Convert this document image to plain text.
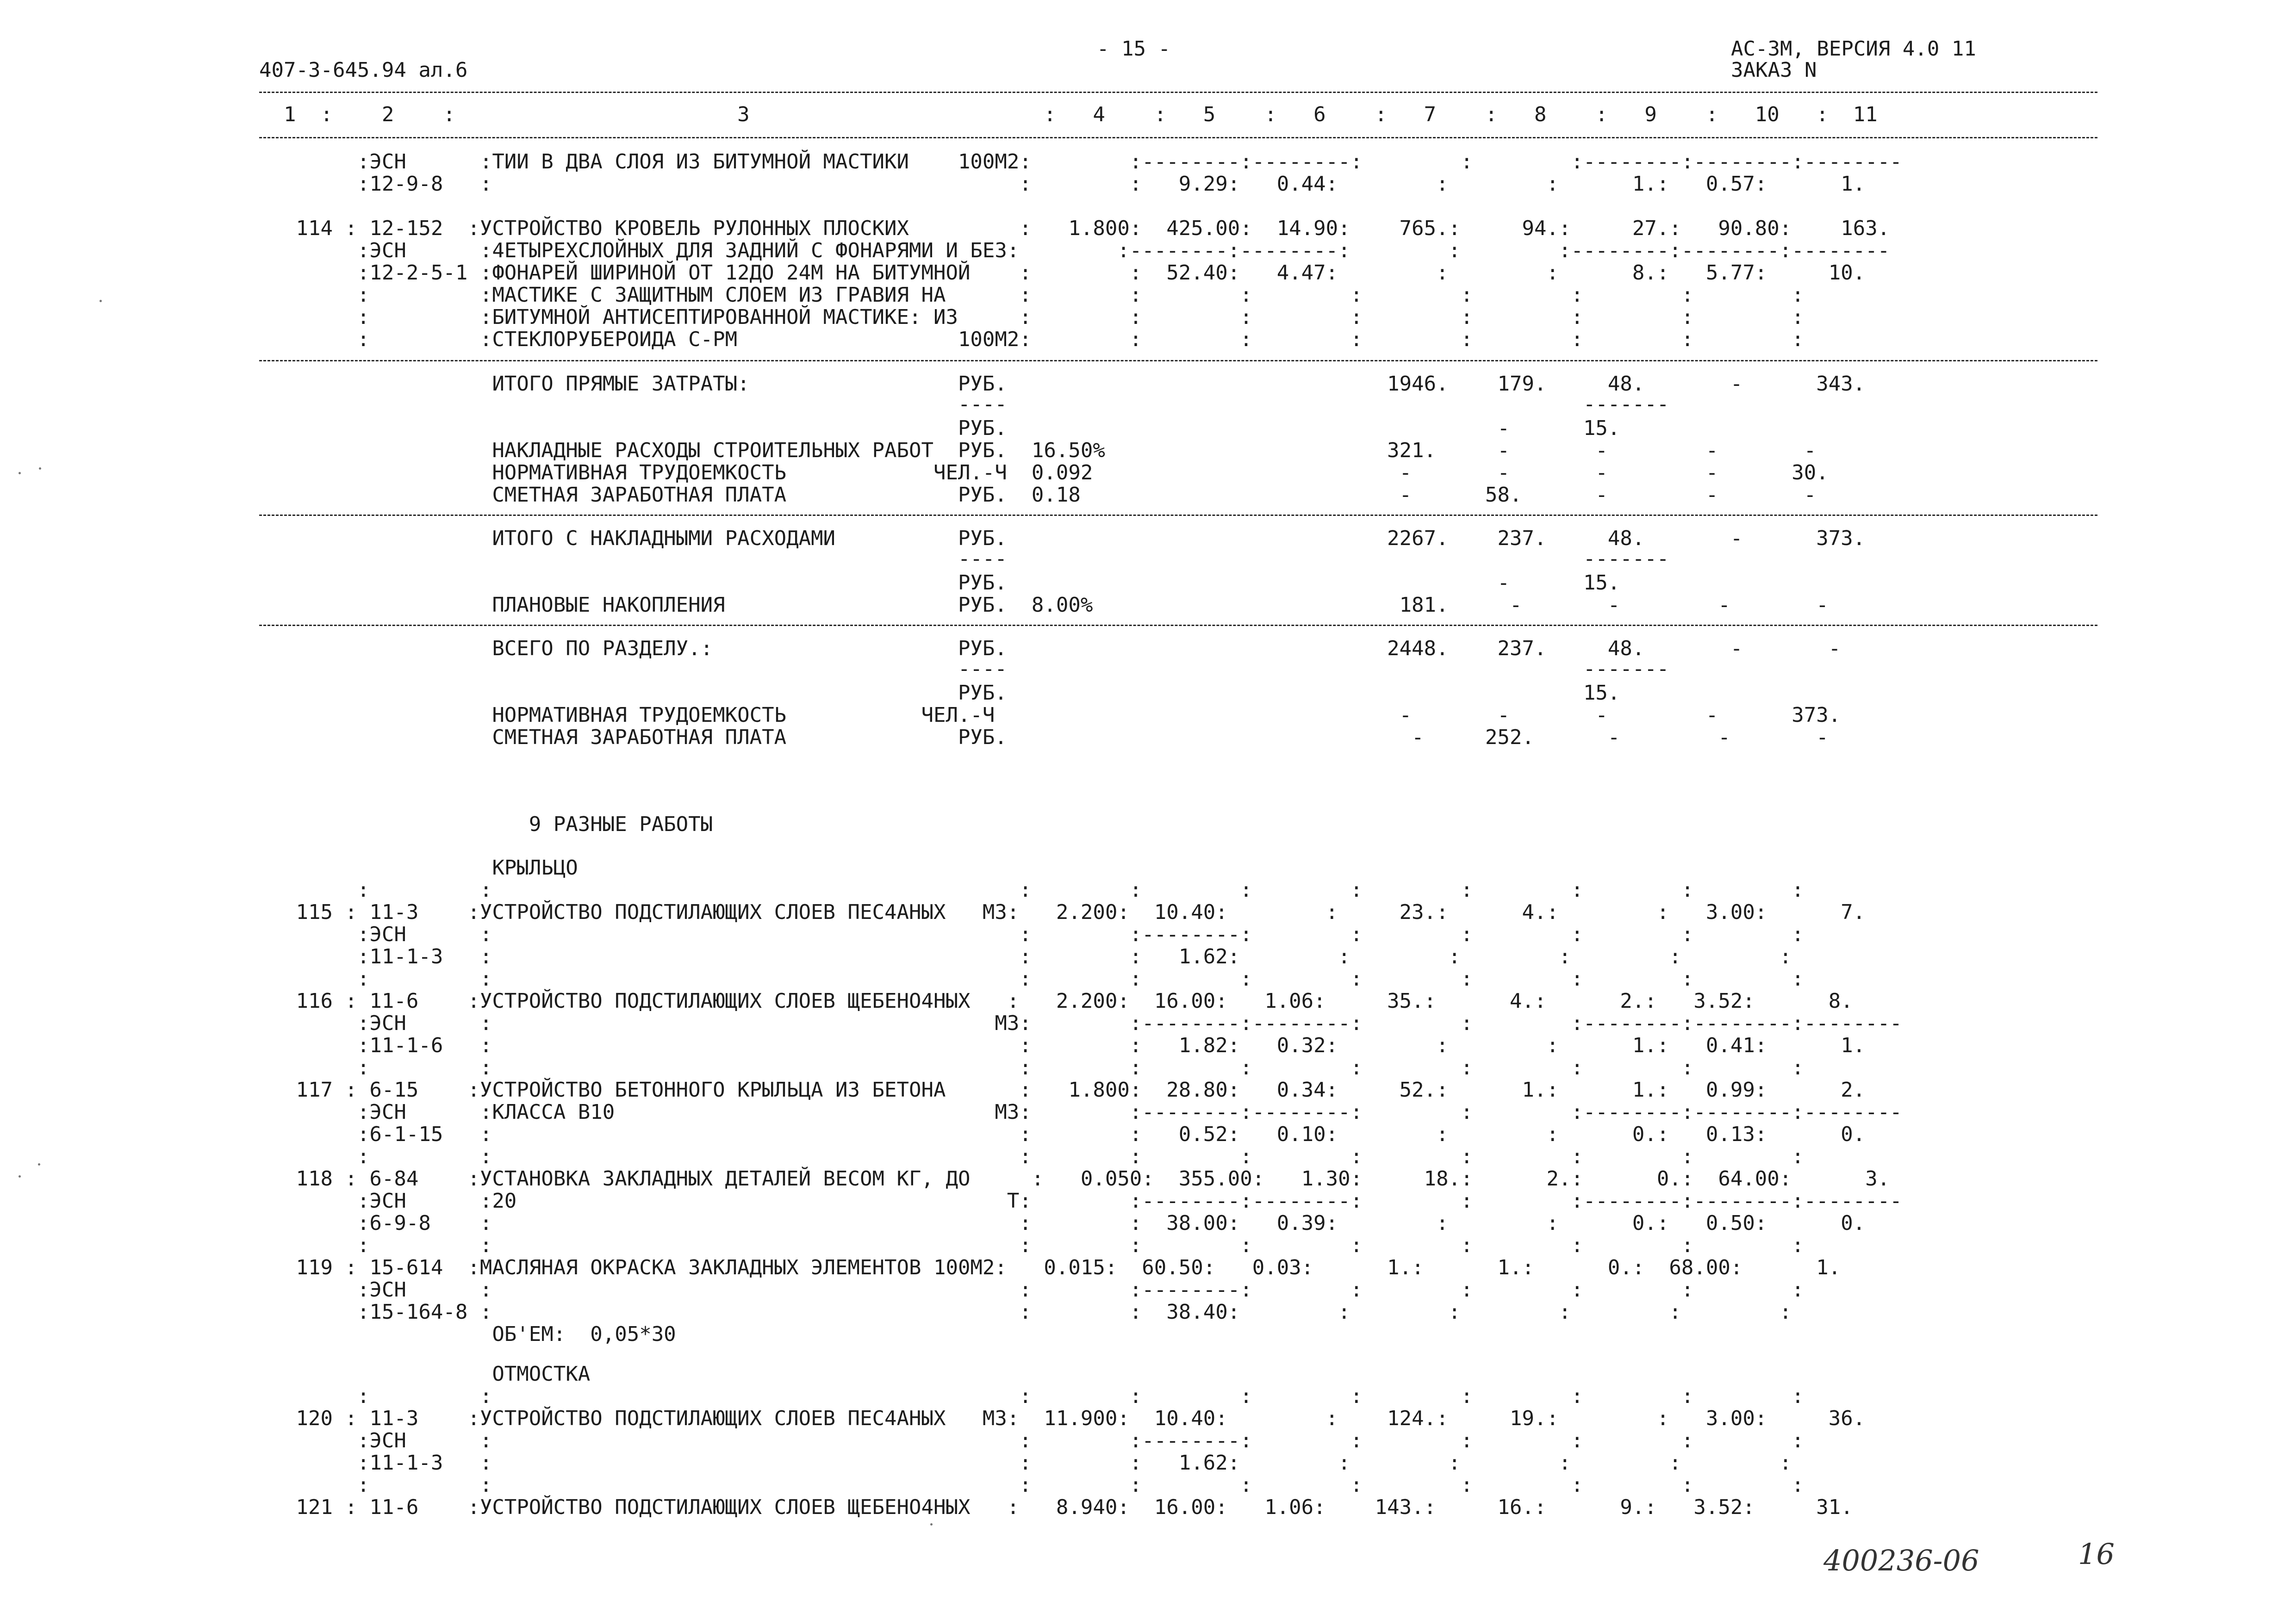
407-3-645.94 ал.6
- 15 -	АС-3М, ВЕРСИЯ 4.0 11
ЗАКАЗ N
1  :    2    :                       3                        :   4    :   5    :   6    :   7    :   8    :   9    :   10   :  11
:ЭСН      :ТИИ В ДВА СЛОЯ ИЗ БИТУМНОЙ МАСТИКИ    100М2:        :--------:--------:        :        :--------:--------:--------
:12-9-8   :                                           :        :   9.29:   0.44:        :        :      1.:   0.57:      1.
114 : 12-152  :УСТРОЙСТВО КРОВЕЛЬ РУЛОННЫХ ПЛОСКИХ         :   1.800:  425.00:  14.90:    765.:     94.:     27.:   90.80:    163.
:ЭСН      :4ЕТЫРЕХСЛОЙНЫХ ДЛЯ ЗАДНИЙ С ФОНАРЯМИ И БЕЗ:        :--------:--------:        :        :--------:--------:--------
:12-2-5-1 :ФОНАРЕЙ ШИРИНОЙ ОТ 12ДО 24М НА БИТУМНОЙ    :        :  52.40:   4.47:        :        :      8.:   5.77:     10.
:         :МАСТИКЕ С ЗАЩИТНЫМ СЛОЕМ ИЗ ГРАВИЯ НА      :        :        :        :        :        :        :        :
:         :БИТУМНОЙ АНТИСЕПТИРОВАННОЙ МАСТИКЕ: ИЗ     :        :        :        :        :        :        :        :
:         :СТЕКЛОРУБЕРОИДА С-РМ                  100М2:        :        :        :        :        :        :        :
ИТОГО ПРЯМЫЕ ЗАТРАТЫ:                 РУБ.                               1946.    179.     48.       -      343.
----                                               -------
РУБ.                                        -      15.
НАКЛАДНЫЕ РАСХОДЫ СТРОИТЕЛЬНЫХ РАБОТ  РУБ.  16.50%                       321.     -       -        -       -
НОРМАТИВНАЯ ТРУДОЕМКОСТЬ            ЧЕЛ.-Ч  0.092                         -       -       -        -      30.
СМЕТНАЯ ЗАРАБОТНАЯ ПЛАТА              РУБ.  0.18                          -      58.      -        -       -
ИТОГО С НАКЛАДНЫМИ РАСХОДАМИ          РУБ.                               2267.    237.     48.       -      373.
----                                               -------
РУБ.                                        -      15.
ПЛАНОВЫЕ НАКОПЛЕНИЯ                   РУБ.  8.00%                         181.     -       -        -       -
ВСЕГО ПО РАЗДЕЛУ.:                    РУБ.                               2448.    237.     48.       -       -
----                                               -------
РУБ.                                               15.
НОРМАТИВНАЯ ТРУДОЕМКОСТЬ           ЧЕЛ.-Ч                                 -       -       -        -      373.
СМЕТНАЯ ЗАРАБОТНАЯ ПЛАТА              РУБ.                                 -     252.      -        -       -
9 РАЗНЫЕ РАБОТЫ
КРЫЛЬЦО
:         :                                           :        :        :        :        :        :        :        :
115 : 11-3    :УСТРОЙСТВО ПОДСТИЛАЮЩИХ СЛОЕВ ПЕС4АНЫХ   М3:   2.200:  10.40:        :     23.:      4.:        :   3.00:      7.
:ЭСН      :                                           :        :--------:        :        :        :        :        :
:11-1-3   :                                           :        :   1.62:        :        :        :        :        :
:         :                                           :        :        :        :        :        :        :        :
116 : 11-6    :УСТРОЙСТВО ПОДСТИЛАЮЩИХ СЛОЕВ ЩЕБЕНО4НЫХ   :   2.200:  16.00:   1.06:     35.:      4.:      2.:   3.52:      8.
:ЭСН      :                                         М3:        :--------:--------:        :        :--------:--------:--------
:11-1-6   :                                           :        :   1.82:   0.32:        :        :      1.:   0.41:      1.
:         :                                           :        :        :        :        :        :        :        :
117 : 6-15    :УСТРОЙСТВО БЕТОННОГО КРЫЛЬЦА ИЗ БЕТОНА      :   1.800:  28.80:   0.34:     52.:      1.:      1.:   0.99:      2.
:ЭСН      :КЛАССА В10                               М3:        :--------:--------:        :        :--------:--------:--------
:6-1-15   :                                           :        :   0.52:   0.10:        :        :      0.:   0.13:      0.
:         :                                           :        :        :        :        :        :        :        :
118 : 6-84    :УСТАНОВКА ЗАКЛАДНЫХ ДЕТАЛЕЙ ВЕСОМ КГ, ДО     :   0.050:  355.00:   1.30:     18.:      2.:      0.:  64.00:      3.
:ЭСН      :20                                        Т:        :--------:--------:        :        :--------:--------:--------
:6-9-8    :                                           :        :  38.00:   0.39:        :        :      0.:   0.50:      0.
:         :                                           :        :        :        :        :        :        :        :
119 : 15-614  :МАСЛЯНАЯ ОКРАСКА ЗАКЛАДНЫХ ЭЛЕМЕНТОВ 100М2:   0.015:  60.50:   0.03:      1.:      1.:      0.:  68.00:      1.
:ЭСН      :                                           :        :--------:        :        :        :        :        :
:15-164-8 :                                           :        :  38.40:        :        :        :        :        :
ОБ'ЕМ:  0,05*30
ОТМОСТКА
:         :                                           :        :        :        :        :        :        :        :
120 : 11-3    :УСТРОЙСТВО ПОДСТИЛАЮЩИХ СЛОЕВ ПЕС4АНЫХ   М3:  11.900:  10.40:        :    124.:     19.:        :   3.00:     36.
:ЭСН      :                                           :        :--------:        :        :        :        :        :
:11-1-3   :                                           :        :   1.62:        :        :        :        :        :
:         :                                           :        :        :        :        :        :        :        :
121 : 11-6    :УСТРОЙСТВО ПОДСТИЛАЮЩИХ СЛОЕВ ЩЕБЕНО4НЫХ   :   8.940:  16.00:   1.06:    143.:     16.:      9.:   3.52:     31.
400236-06	16
